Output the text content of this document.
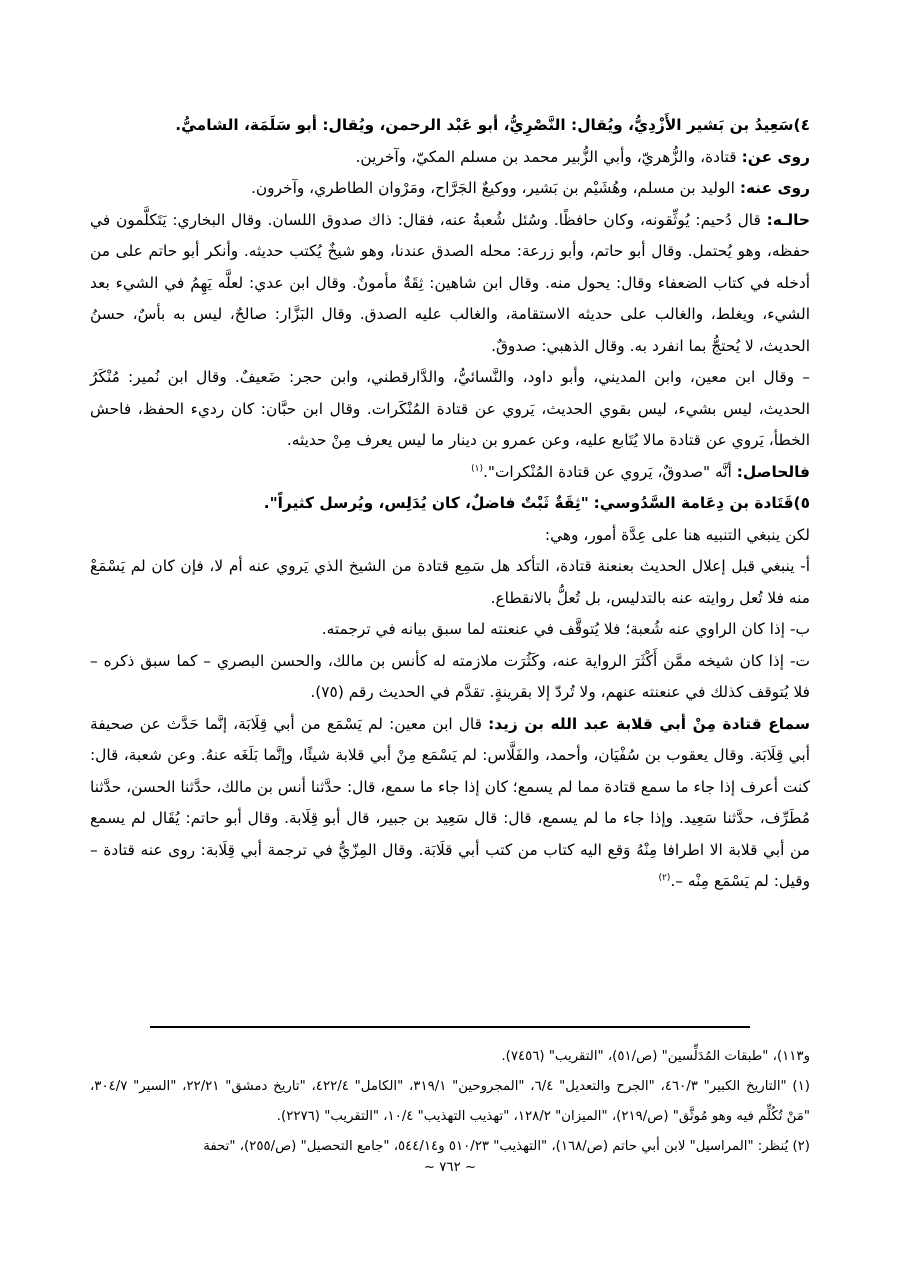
٤)سَعِيدُ بن بَشير الأَزْدِيُّ، ويُقال: النَّصْرِيُّ، أبو عَبْد الرحمن، ويُقال: أبو سَلَمَة، الشاميُّ.

روى عن: قتادة، والزُّهريّ، وأبي الزُّبير محمد بن مسلم المكيّ، وآخرين.

روى عنه: الوليد بن مسلم، وهُشَيْم بن بَشير، ووكيعٌ الجَرَّاح، ومَرْوان الطاطري، وآخرون.

حالـه: قال دُحيم: يُوثِّقونه، وكان حافظًا. وسُئل شُعبةُ عنه، فقال: ذاك صدوق اللسان. وقال البخاري: يَتَكلَّمون في حفظه، وهو يُحتمل. وقال أبو حاتم، وأبو زرعة: محله الصدق عندنا، وهو شيخٌ يُكتب حديثه. وأنكر أبو حاتم على من أدخله في كتاب الضعفاء وقال: يحول منه. وقال ابن شاهين: ثِقَةٌ مأمونٌ. وقال ابن عدي: لعلَّه يَهِمُ في الشيء بعد الشيء، ويغلط، والغالب على حديثه الاستقامة، والغالب عليه الصدق. وقال البَزَّار: صالحٌ، ليس به بأسٌ، حسنُ الحديث، لا يُحتجُّ بما انفرد به. وقال الذهبي: صدوقٌ.

– وقال ابن معين، وابن المديني، وأبو داود، والنَّسائيُّ، والدَّارقطني، وابن حجر: ضَعيفٌ. وقال ابن نُمير: مُنْكَرُ الحديث، ليس بشيء، ليس بقوي الحديث، يَروي عن قتادة المُنْكَرات. وقال ابن حبَّان: كان رديء الحفظ، فاحش الخطأ، يَروي عن قتادة مالا يُتَابع عليه، وعن عمرو بن دينار ما ليس يعرف مِنْ حديثه.

فالحاصل: أنَّه "صدوقٌ، يَروي عن قتادة المُنْكرات".$^{(١)}$

٥)قَتَادة بن دِعَامة السَّدُوسي: "ثِقَةٌ ثَبْتٌ فاضلٌ، كان يُدَلِس، ويُرسل كثيراً".

لكن ينبغي التنبيه هنا على عِدَّة أمور، وهي:

أ- ينبغي قبل إعلال الحديث بعنعنة قتادة، التأكد هل سَمِع قتادة من الشيخ الذي يَروي عنه أم لا، فإن كان لم يَسْمَعْ منه فلا تُعل روايته عنه بالتدليس، بل تُعلُّ بالانقطاع.

ب- إذا كان الراوي عنه شُعبة؛ فلا يُتوقَّف في عنعنته لما سبق بيانه في ترجمته.

ت- إذا كان شيخه ممَّن أَكْثَرَ الرواية عنه، وكَثُرَت ملازمته له كأنس بن مالك، والحسن البصري – كما سبق ذكره – فلا يُتوقف كذلك في عنعنته عنهم، ولا تُردّ إلا بقرينةٍ. تقدَّم في الحديث رقم (٧٥).

سماع قتادة مِنْ أبي قلابة عبد الله بن زيد: قال ابن معين: لم يَسْمَع من أبي قِلَابَة، إنَّما حَدَّث عن صحيفة أبي قِلَابَة. وقال يعقوب بن سُفْيَان، وأحمد، والفَلَّاس: لم يَسْمَع مِنْ أبي قلابة شيئًا، وإنَّما بَلَغَه عنهُ. وعن شعبة، قال: كنت أعرف إذا جاء ما سمع قتادة مما لم يسمع؛ كان إذا جاء ما سمع، قال: حدَّثنا أنس بن مالك، حدَّثنا الحسن، حدَّثنا مُطَرِّف، حدَّثنا سَعِيد. وإذا جاء ما لم يسمع، قال: قال سَعِيد بن جبير، قال أبو قِلَابة. وقال أبو حاتم: يُقَال لم يسمع من أبي قلابة الا اطرافا مِنْهُ وَقع اليه كتاب من كتب أبي قلَابَة. وقال المِزّيُّ في ترجمة أبي قِلَابة: روى عنه قتادة – وقيل: لم يَسْمَع مِنْه –.$^{(٢)}$

و١١٣)، "طبقات المُدَلِّسين" (ص/٥١)، "التقريب" (٧٤٥٦).

(١) "التاريخ الكبير" ٤٦٠/٣، "الجرح والتعديل" ٦/٤، "المجروحين" ٣١٩/١، "الكامل" ٤٢٢/٤، "تاريخ دمشق" ٢٢/٢١، "السير" ٣٠٤/٧، "مَنْ تُكُلِّم فيه وهو مُوثَّق" (ص/٢١٩)، "الميزان" ١٢٨/٢، "تهذيب التهذيب" ١٠/٤، "التقريب" (٢٢٧٦).

(٢) يُنظر: "المراسيل" لابن أبي حاتم (ص/١٦٨)، "التهذيب" ٥١٠/٢٣ و٥٤٤/١٤، "جامع التحصيل" (ص/٢٥٥)، "تحفة

~ ٧٦٢ ~
